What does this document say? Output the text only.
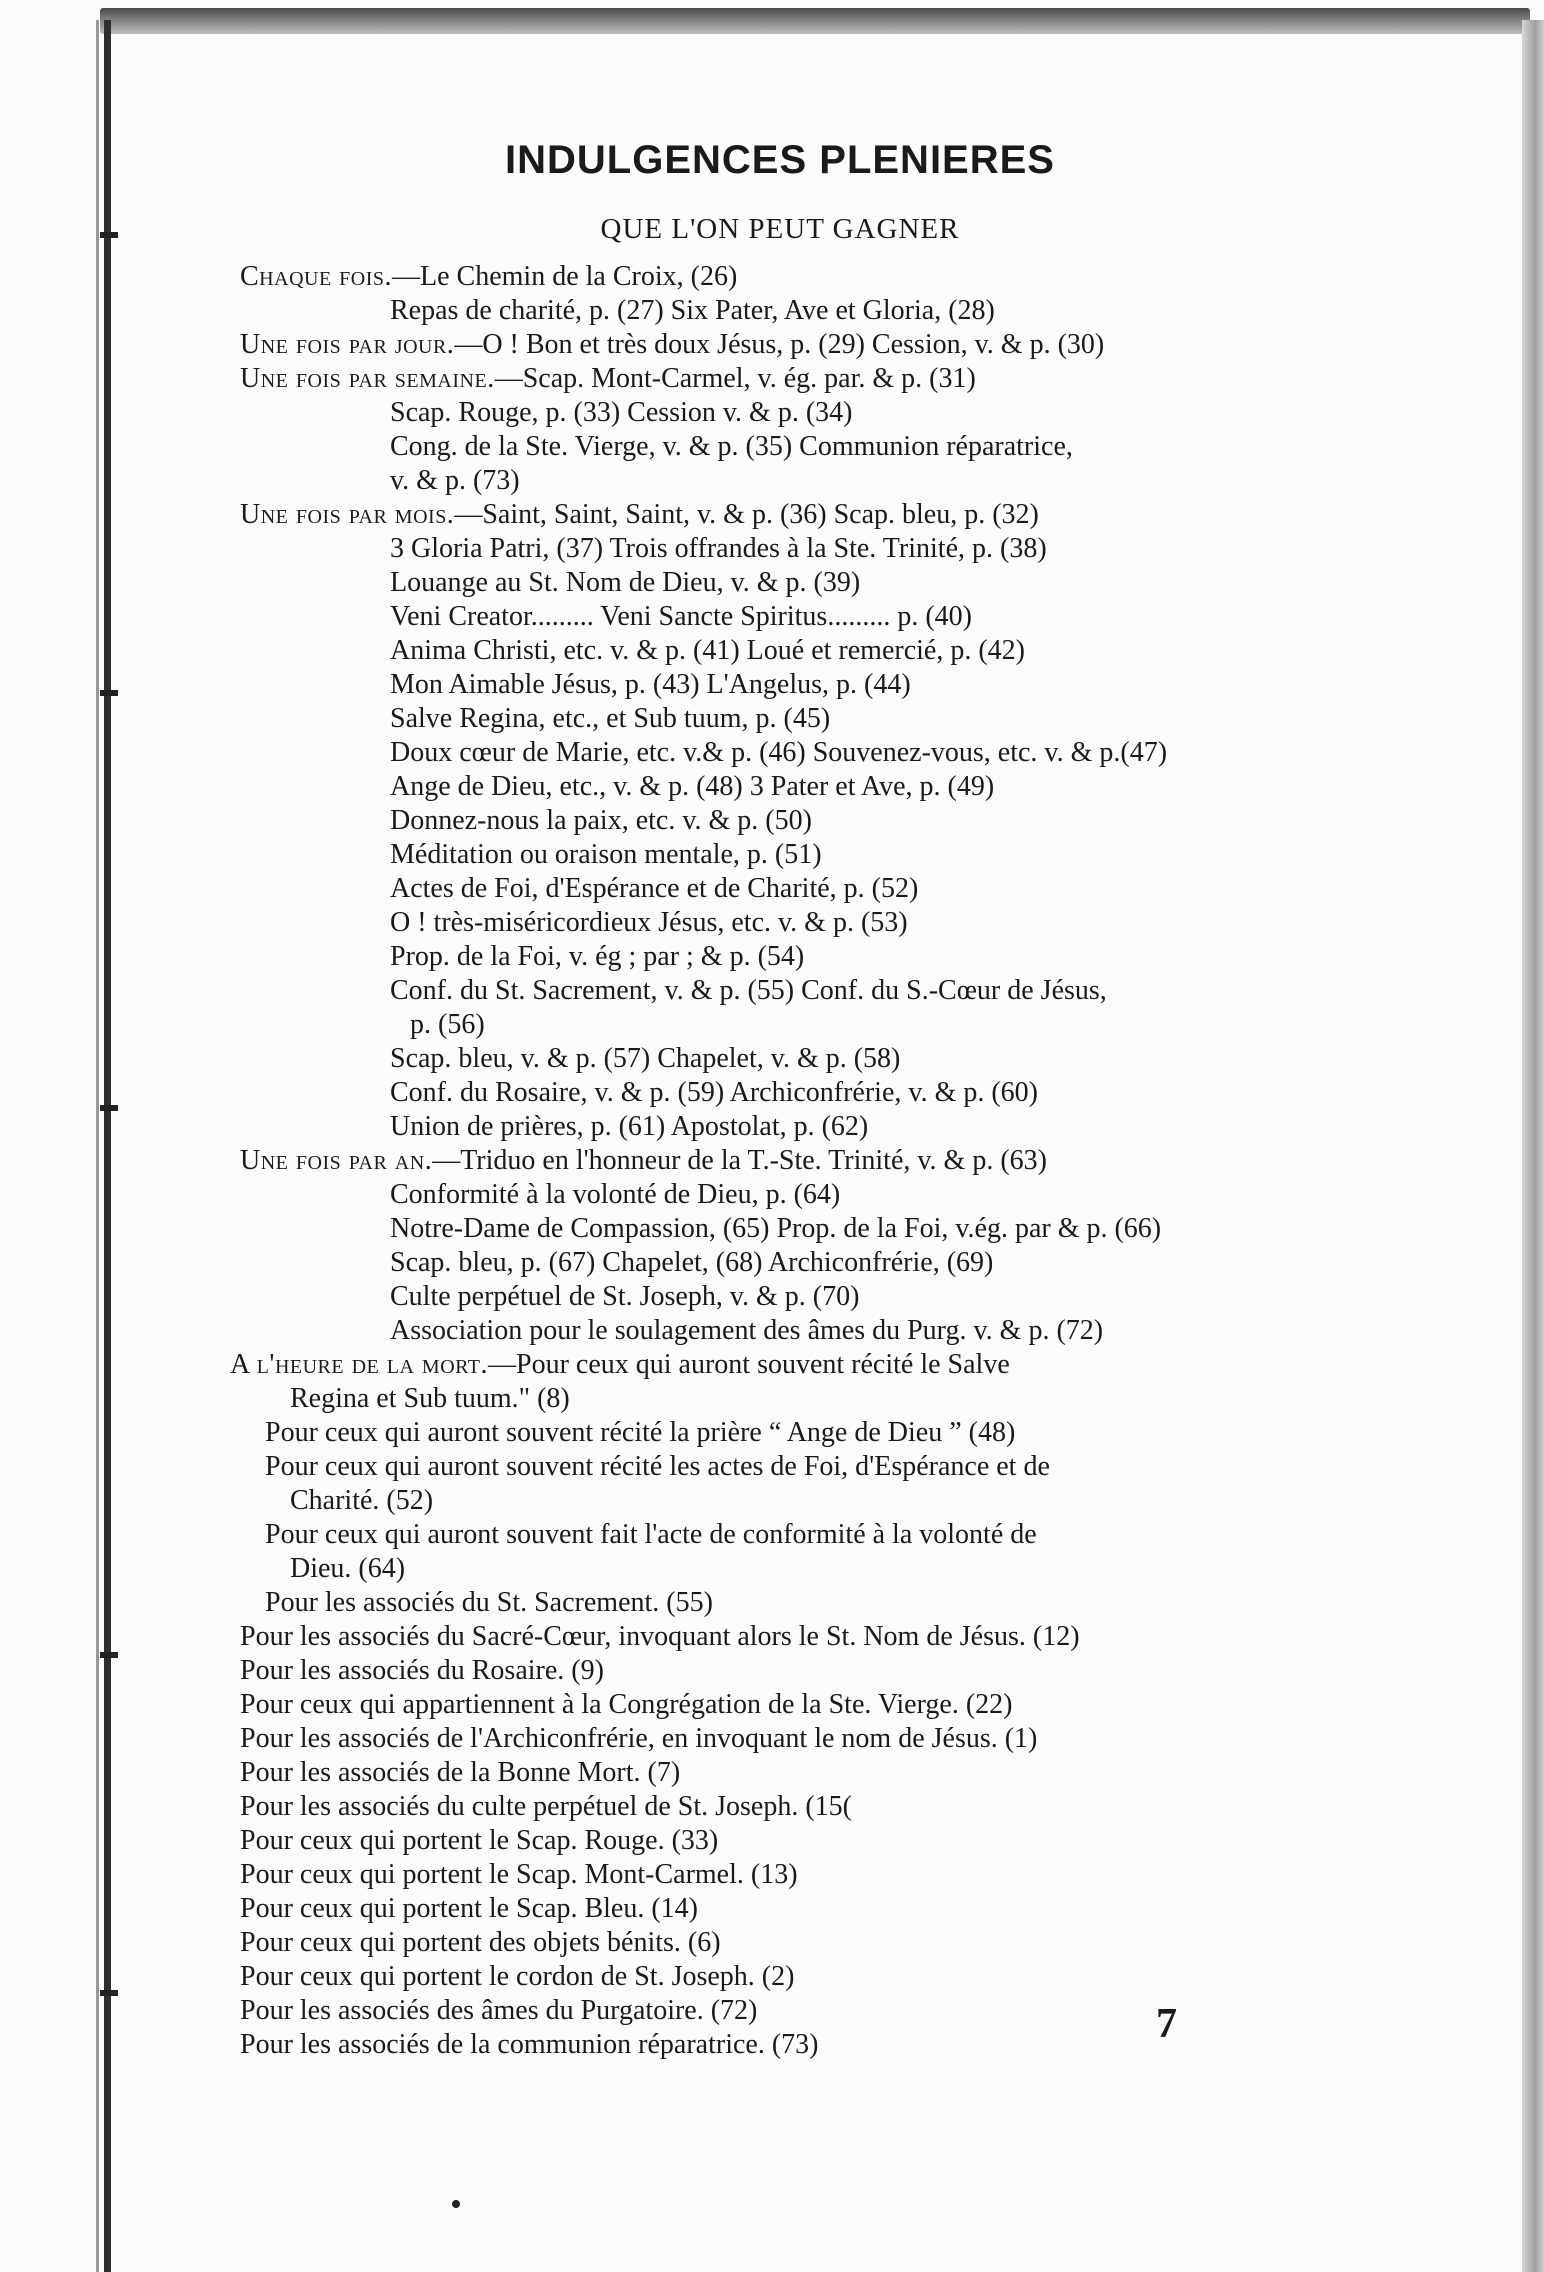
INDULGENCES PLENIERES
QUE L'ON PEUT GAGNER
Chaque fois.—Le Chemin de la Croix, (26)
Repas de charité, p. (27) Six Pater, Ave et Gloria, (28)
Une fois par jour.—O ! Bon et très doux Jésus, p. (29) Cession, v. & p. (30)
Une fois par semaine.—Scap. Mont-Carmel, v. ég. par. & p. (31)
Scap. Rouge, p. (33) Cession v. & p. (34)
Cong. de la Ste. Vierge, v. & p. (35) Communion réparatrice,
v. & p. (73)
Une fois par mois.—Saint, Saint, Saint, v. & p. (36) Scap. bleu, p. (32)
3 Gloria Patri, (37) Trois offrandes à la Ste. Trinité, p. (38)
Louange au St. Nom de Dieu, v. & p. (39)
Veni Creator......... Veni Sancte Spiritus......... p. (40)
Anima Christi, etc. v. & p. (41) Loué et remercié, p. (42)
Mon Aimable Jésus, p. (43) L'Angelus, p. (44)
Salve Regina, etc., et Sub tuum, p. (45)
Doux cœur de Marie, etc. v.& p. (46) Souvenez-vous, etc. v. & p.(47)
Ange de Dieu, etc., v. & p. (48) 3 Pater et Ave, p. (49)
Donnez-nous la paix, etc. v. & p. (50)
Méditation ou oraison mentale, p. (51)
Actes de Foi, d'Espérance et de Charité, p. (52)
O ! très-miséricordieux Jésus, etc. v. & p. (53)
Prop. de la Foi, v. ég ; par ; & p. (54)
Conf. du St. Sacrement, v. & p. (55) Conf. du S.-Cœur de Jésus,
p. (56)
Scap. bleu, v. & p. (57) Chapelet, v. & p. (58)
Conf. du Rosaire, v. & p. (59) Archiconfrérie, v. & p. (60)
Union de prières, p. (61) Apostolat, p. (62)
Une fois par an.—Triduo en l'honneur de la T.-Ste. Trinité, v. & p. (63)
Conformité à la volonté de Dieu, p. (64)
Notre-Dame de Compassion, (65) Prop. de la Foi, v.ég. par & p. (66)
Scap. bleu, p. (67) Chapelet, (68) Archiconfrérie, (69)
Culte perpétuel de St. Joseph, v. & p. (70)
Association pour le soulagement des âmes du Purg. v. & p. (72)
A l'heure de la mort.—Pour ceux qui auront souvent récité le Salve
Regina et Sub tuum." (8)
Pour ceux qui auront souvent récité la prière “ Ange de Dieu ” (48)
Pour ceux qui auront souvent récité les actes de Foi, d'Espérance et de
Charité. (52)
Pour ceux qui auront souvent fait l'acte de conformité à la volonté de
Dieu. (64)
Pour les associés du St. Sacrement. (55)
Pour les associés du Sacré-Cœur, invoquant alors le St. Nom de Jésus. (12)
Pour les associés du Rosaire. (9)
Pour ceux qui appartiennent à la Congrégation de la Ste. Vierge. (22)
Pour les associés de l'Archiconfrérie, en invoquant le nom de Jésus. (1)
Pour les associés de la Bonne Mort. (7)
Pour les associés du culte perpétuel de St. Joseph. (15(
Pour ceux qui portent le Scap. Rouge. (33)
Pour ceux qui portent le Scap. Mont-Carmel. (13)
Pour ceux qui portent le Scap. Bleu. (14)
Pour ceux qui portent des objets bénits. (6)
Pour ceux qui portent le cordon de St. Joseph. (2)
Pour les associés des âmes du Purgatoire. (72)
Pour les associés de la communion réparatrice. (73)	7
